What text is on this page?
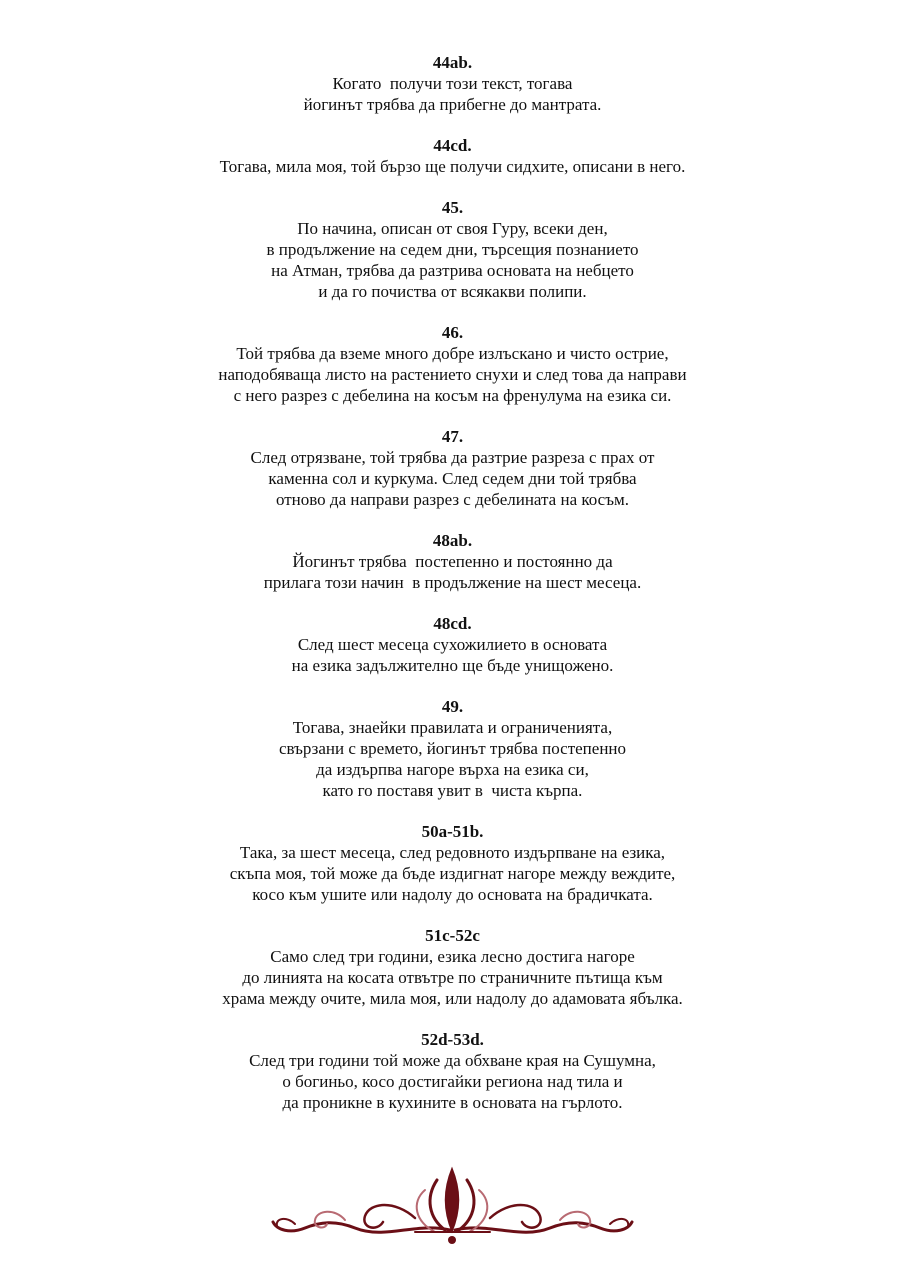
44ab.
Когато  получи този текст, тогава
йогинът трябва да прибегне до мантрата.
44cd.
Тогава, мила моя, той бързо ще получи сидхите, описани в него.
45.
По начина, описан от своя Гуру, всеки ден,
в продължение на седем дни, търсещия познанието
на Атман, трябва да разтрива основата на небцето
и да го почиства от всякакви полипи.
46.
Той трябва да вземе много добре излъскано и чисто острие,
наподобяваща листо на растението снухи и след това да направи
с него разрез с дебелина на косъм на френулума на езика си.
47.
След отрязване, той трябва да разтрие разреза с прах от
каменна сол и куркума. След седем дни той трябва
отново да направи разрез с дебелината на косъм.
48ab.
Йогинът трябва  постепенно и постоянно да
прилага този начин  в продължение на шест месеца.
48cd.
След шест месеца сухожилието в основата
на езика задължително ще бъде унищожено.
49.
Тогава, знаейки правилата и ограниченията,
свързани с времето, йогинът трябва постепенно
да издърпва нагоре върха на езика си,
като го поставя увит в  чиста кърпа.
50a-51b.
Така, за шест месеца, след редовното издърпване на езика,
скъпа моя, той може да бъде издигнат нагоре между веждите,
косо към ушите или надолу до основата на брадичката.
51c-52c
Само след три години, езика лесно достига нагоре
до линията на косата отвътре по страничните пътища към
храма между очите, мила моя, или надолу до адамовата ябълка.
52d-53d.
След три години той може да обхване края на Сушумна,
о богиньо, косо достигайки региона над тила и
да проникне в кухините в основата на гърлото.
